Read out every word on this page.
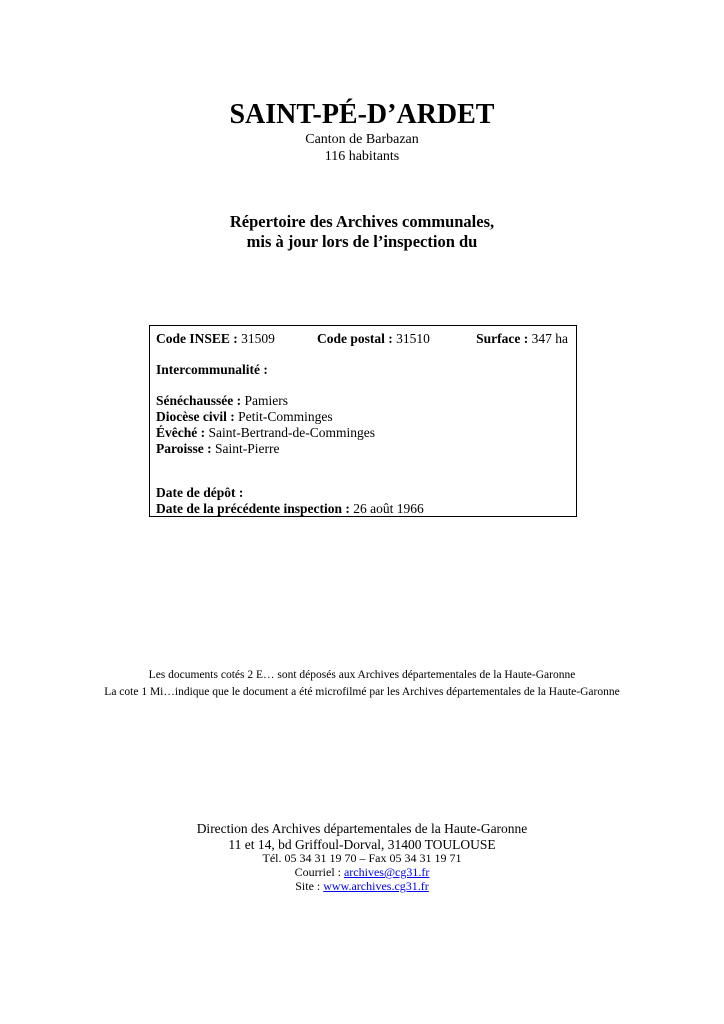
SAINT-PÉ-D’ARDET
Canton de Barbazan
116 habitants
Répertoire des Archives communales,
mis à jour lors de l’inspection du
Code INSEE : 31509	Code postal : 31510	Surface : 347 ha
Intercommunalité :
Sénéchaussée : Pamiers
Diocèse civil : Petit-Comminges
Évêché : Saint-Bertrand-de-Comminges
Paroisse : Saint-Pierre
Date de dépôt :
Date de la précédente inspection : 26 août 1966
Les documents cotés 2 E… sont déposés aux Archives départementales de la Haute-Garonne
La cote 1 Mi…indique que le document a été microfilmé par les Archives départementales de la Haute-Garonne
Direction des Archives départementales de la Haute-Garonne
11 et 14, bd Griffoul-Dorval, 31400 TOULOUSE
Tél. 05 34 31 19 70 – Fax 05 34 31 19 71
Courriel : archives@cg31.fr
Site : www.archives.cg31.fr
